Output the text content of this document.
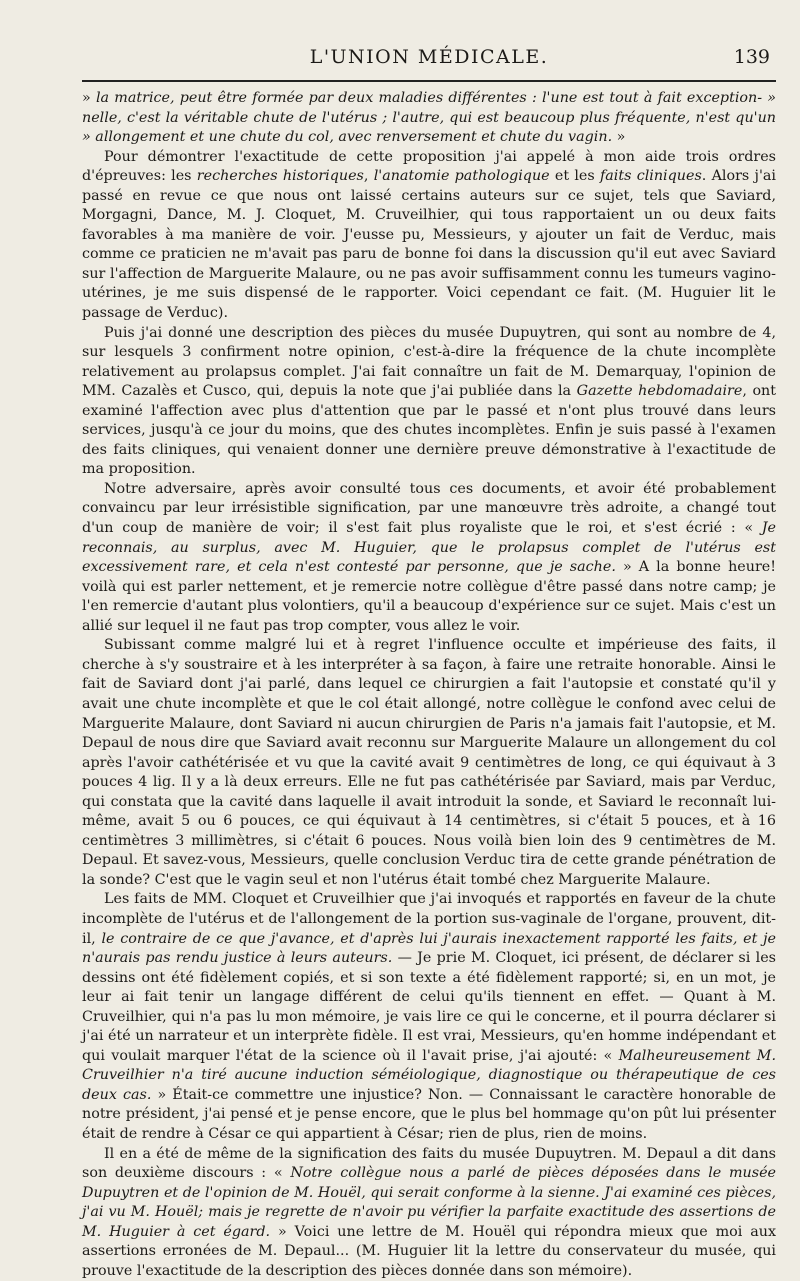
L'UNION MÉDICALE.	139

» la matrice, peut être formée par deux maladies différentes : l'une est tout à fait exception- » nelle, c'est la véritable chute de l'utérus ; l'autre, qui est beaucoup plus fréquente, n'est qu'un » allongement et une chute du col, avec renversement et chute du vagin. »

Pour démontrer l'exactitude de cette proposition j'ai appelé à mon aide trois ordres d'épreuves: les recherches historiques, l'anatomie pathologique et les faits cliniques. Alors j'ai passé en revue ce que nous ont laissé certains auteurs sur ce sujet, tels que Saviard, Morgagni, Dance, M. J. Cloquet, M. Cruveilhier, qui tous rapportaient un ou deux faits favorables à ma manière de voir. J'eusse pu, Messieurs, y ajouter un fait de Verduc, mais comme ce praticien ne m'avait pas paru de bonne foi dans la discussion qu'il eut avec Saviard sur l'affection de Marguerite Malaure, ou ne pas avoir suffisamment connu les tumeurs vagino-utérines, je me suis dispensé de le rapporter. Voici cependant ce fait. (M. Huguier lit le passage de Verduc).

Puis j'ai donné une description des pièces du musée Dupuytren, qui sont au nombre de 4, sur lesquels 3 confirment notre opinion, c'est-à-dire la fréquence de la chute incomplète relativement au prolapsus complet. J'ai fait connaître un fait de M. Demarquay, l'opinion de MM. Cazalès et Cusco, qui, depuis la note que j'ai publiée dans la Gazette hebdomadaire, ont examiné l'affection avec plus d'attention que par le passé et n'ont plus trouvé dans leurs services, jusqu'à ce jour du moins, que des chutes incomplètes. Enfin je suis passé à l'examen des faits cliniques, qui venaient donner une dernière preuve démonstrative à l'exactitude de ma proposition.

Notre adversaire, après avoir consulté tous ces documents, et avoir été probablement convaincu par leur irrésistible signification, par une manœuvre très adroite, a changé tout d'un coup de manière de voir; il s'est fait plus royaliste que le roi, et s'est écrié : « Je reconnais, au surplus, avec M. Huguier, que le prolapsus complet de l'utérus est excessivement rare, et cela n'est contesté par personne, que je sache. » A la bonne heure! voilà qui est parler nettement, et je remercie notre collègue d'être passé dans notre camp; je l'en remercie d'autant plus volontiers, qu'il a beaucoup d'expérience sur ce sujet. Mais c'est un allié sur lequel il ne faut pas trop compter, vous allez le voir.

Subissant comme malgré lui et à regret l'influence occulte et impérieuse des faits, il cherche à s'y soustraire et à les interpréter à sa façon, à faire une retraite honorable. Ainsi le fait de Saviard dont j'ai parlé, dans lequel ce chirurgien a fait l'autopsie et constaté qu'il y avait une chute incomplète et que le col était allongé, notre collègue le confond avec celui de Marguerite Malaure, dont Saviard ni aucun chirurgien de Paris n'a jamais fait l'autopsie, et M. Depaul de nous dire que Saviard avait reconnu sur Marguerite Malaure un allongement du col après l'avoir cathétérisée et vu que la cavité avait 9 centimètres de long, ce qui équivaut à 3 pouces 4 lig. Il y a là deux erreurs. Elle ne fut pas cathétérisée par Saviard, mais par Verduc, qui constata que la cavité dans laquelle il avait introduit la sonde, et Saviard le reconnaît lui-même, avait 5 ou 6 pouces, ce qui équivaut à 14 centimètres, si c'était 5 pouces, et à 16 centimètres 3 millimètres, si c'était 6 pouces. Nous voilà bien loin des 9 centimètres de M. Depaul. Et savez-vous, Messieurs, quelle conclusion Verduc tira de cette grande pénétration de la sonde? C'est que le vagin seul et non l'utérus était tombé chez Marguerite Malaure.

Les faits de MM. Cloquet et Cruveilhier que j'ai invoqués et rapportés en faveur de la chute incomplète de l'utérus et de l'allongement de la portion sus-vaginale de l'organe, prouvent, dit-il, le contraire de ce que j'avance, et d'après lui j'aurais inexactement rapporté les faits, et je n'aurais pas rendu justice à leurs auteurs. — Je prie M. Cloquet, ici présent, de déclarer si les dessins ont été fidèlement copiés, et si son texte a été fidèlement rapporté; si, en un mot, je leur ai fait tenir un langage différent de celui qu'ils tiennent en effet. — Quant à M. Cruveilhier, qui n'a pas lu mon mémoire, je vais lire ce qui le concerne, et il pourra déclarer si j'ai été un narrateur et un interprète fidèle. Il est vrai, Messieurs, qu'en homme indépendant et qui voulait marquer l'état de la science où il l'avait prise, j'ai ajouté: « Malheureusement M. Cruveilhier n'a tiré aucune induction séméiologique, diagnostique ou thérapeutique de ces deux cas. » Était-ce commettre une injustice? Non. — Connaissant le caractère honorable de notre président, j'ai pensé et je pense encore, que le plus bel hommage qu'on pût lui présenter était de rendre à César ce qui appartient à César; rien de plus, rien de moins.

Il en a été de même de la signification des faits du musée Dupuytren. M. Depaul a dit dans son deuxième discours : « Notre collègue nous a parlé de pièces déposées dans le musée Dupuytren et de l'opinion de M. Houël, qui serait conforme à la sienne. J'ai examiné ces pièces, j'ai vu M. Houël; mais je regrette de n'avoir pu vérifier la parfaite exactitude des assertions de M. Huguier à cet égard. » Voici une lettre de M. Houël qui répondra mieux que moi aux assertions erronées de M. Depaul... (M. Huguier lit la lettre du conservateur du musée, qui prouve l'exactitude de la description des pièces donnée dans son mémoire).
